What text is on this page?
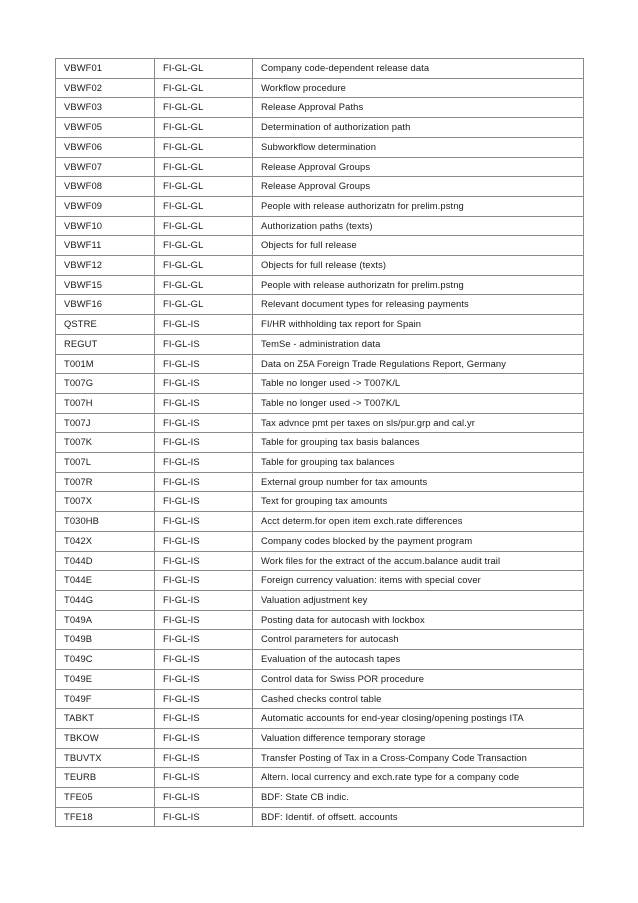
VBWF01	FI-GL-GL	Company code-dependent release data
VBWF02	FI-GL-GL	Workflow procedure
VBWF03	FI-GL-GL	Release Approval Paths
VBWF05	FI-GL-GL	Determination of authorization path
VBWF06	FI-GL-GL	Subworkflow determination
VBWF07	FI-GL-GL	Release Approval Groups
VBWF08	FI-GL-GL	Release Approval Groups
VBWF09	FI-GL-GL	People with release authorizatn for prelim.pstng
VBWF10	FI-GL-GL	Authorization paths (texts)
VBWF11	FI-GL-GL	Objects for full release
VBWF12	FI-GL-GL	Objects for full release (texts)
VBWF15	FI-GL-GL	People with release authorizatn for prelim.pstng
VBWF16	FI-GL-GL	Relevant document types for releasing payments
QSTRE	FI-GL-IS	FI/HR withholding tax report for Spain
REGUT	FI-GL-IS	TemSe - administration data
T001M	FI-GL-IS	Data on Z5A Foreign Trade Regulations Report, Germany
T007G	FI-GL-IS	Table no longer used -> T007K/L
T007H	FI-GL-IS	Table no longer used -> T007K/L
T007J	FI-GL-IS	Tax advnce pmt per taxes on sls/pur.grp and cal.yr
T007K	FI-GL-IS	Table for grouping tax basis balances
T007L	FI-GL-IS	Table for grouping tax balances
T007R	FI-GL-IS	External group number for tax amounts
T007X	FI-GL-IS	Text for grouping tax amounts
T030HB	FI-GL-IS	Acct determ.for open item exch.rate differences
T042X	FI-GL-IS	Company codes blocked by the payment program
T044D	FI-GL-IS	Work files for the extract of the accum.balance audit trail
T044E	FI-GL-IS	Foreign currency valuation: items with special cover
T044G	FI-GL-IS	Valuation adjustment key
T049A	FI-GL-IS	Posting data for autocash with lockbox
T049B	FI-GL-IS	Control parameters for autocash
T049C	FI-GL-IS	Evaluation of the autocash tapes
T049E	FI-GL-IS	Control data for Swiss POR procedure
T049F	FI-GL-IS	Cashed checks control table
TABKT	FI-GL-IS	Automatic accounts for end-year closing/opening postings ITA
TBKOW	FI-GL-IS	Valuation difference temporary storage
TBUVTX	FI-GL-IS	Transfer Posting of Tax in a Cross-Company Code Transaction
TEURB	FI-GL-IS	Altern. local currency and exch.rate type for a company code
TFE05	FI-GL-IS	BDF: State CB indic.
TFE18	FI-GL-IS	BDF: Identif. of offsett. accounts
